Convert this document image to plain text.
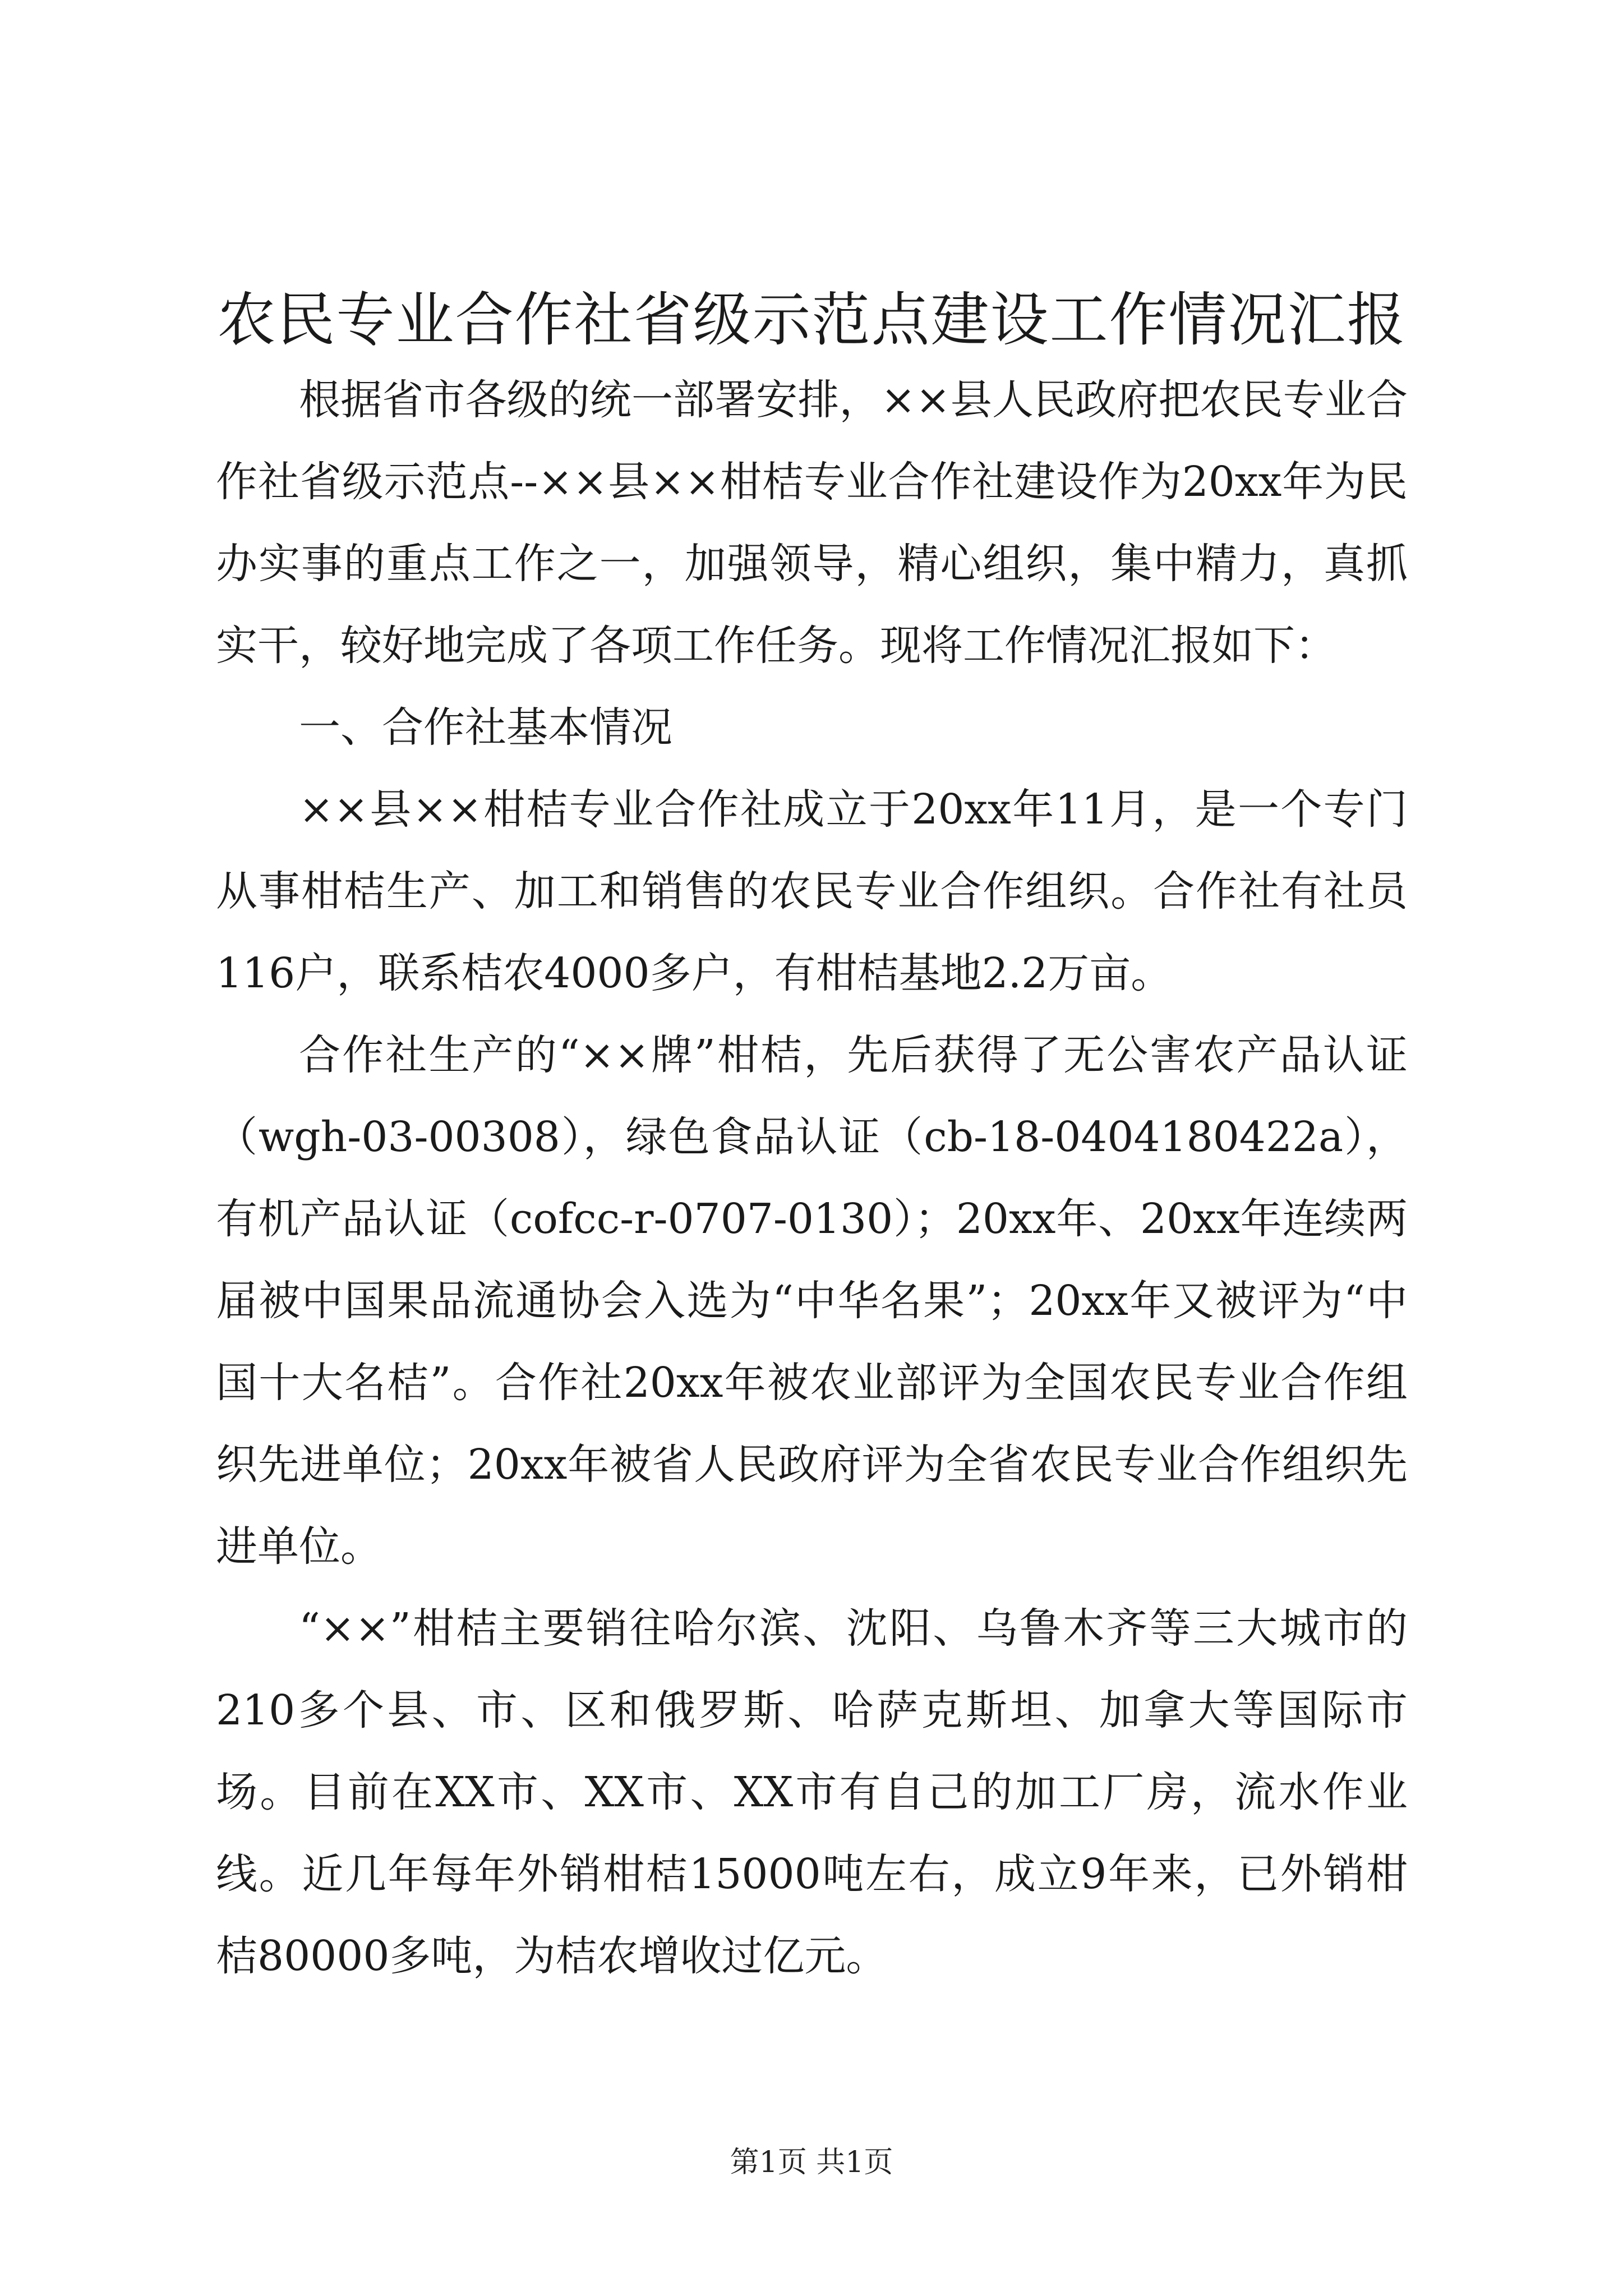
农民专业合作社省级示范点建设工作情况汇报

根据省市各级的统一部署安排，××县人民政府把农民专业合作社省级示范点--××县××柑桔专业合作社建设作为20xx年为民办实事的重点工作之一，加强领导，精心组织，集中精力，真抓实干，较好地完成了各项工作任务。现将工作情况汇报如下：

一、合作社基本情况

××县××柑桔专业合作社成立于20xx年11月，是一个专门从事柑桔生产、加工和销售的农民专业合作组织。合作社有社员116户，联系桔农4000多户，有柑桔基地2.2万亩。

合作社生产的“××牌”柑桔，先后获得了无公害农产品认证（wgh-03-00308），绿色食品认证（cb-18-0404180422a），有机产品认证（cofcc-r-0707-0130）；20xx年、20xx年连续两届被中国果品流通协会入选为“中华名果”；20xx年又被评为“中国十大名桔”。合作社20xx年被农业部评为全国农民专业合作组织先进单位；20xx年被省人民政府评为全省农民专业合作组织先进单位。

“××”柑桔主要销往哈尔滨、沈阳、乌鲁木齐等三大城市的210多个县、市、区和俄罗斯、哈萨克斯坦、加拿大等国际市场。目前在XX市、XX市、XX市有自己的加工厂房，流水作业线。近几年每年外销柑桔15000吨左右，成立9年来，已外销柑桔80000多吨，为桔农增收过亿元。

第1页 共1页
